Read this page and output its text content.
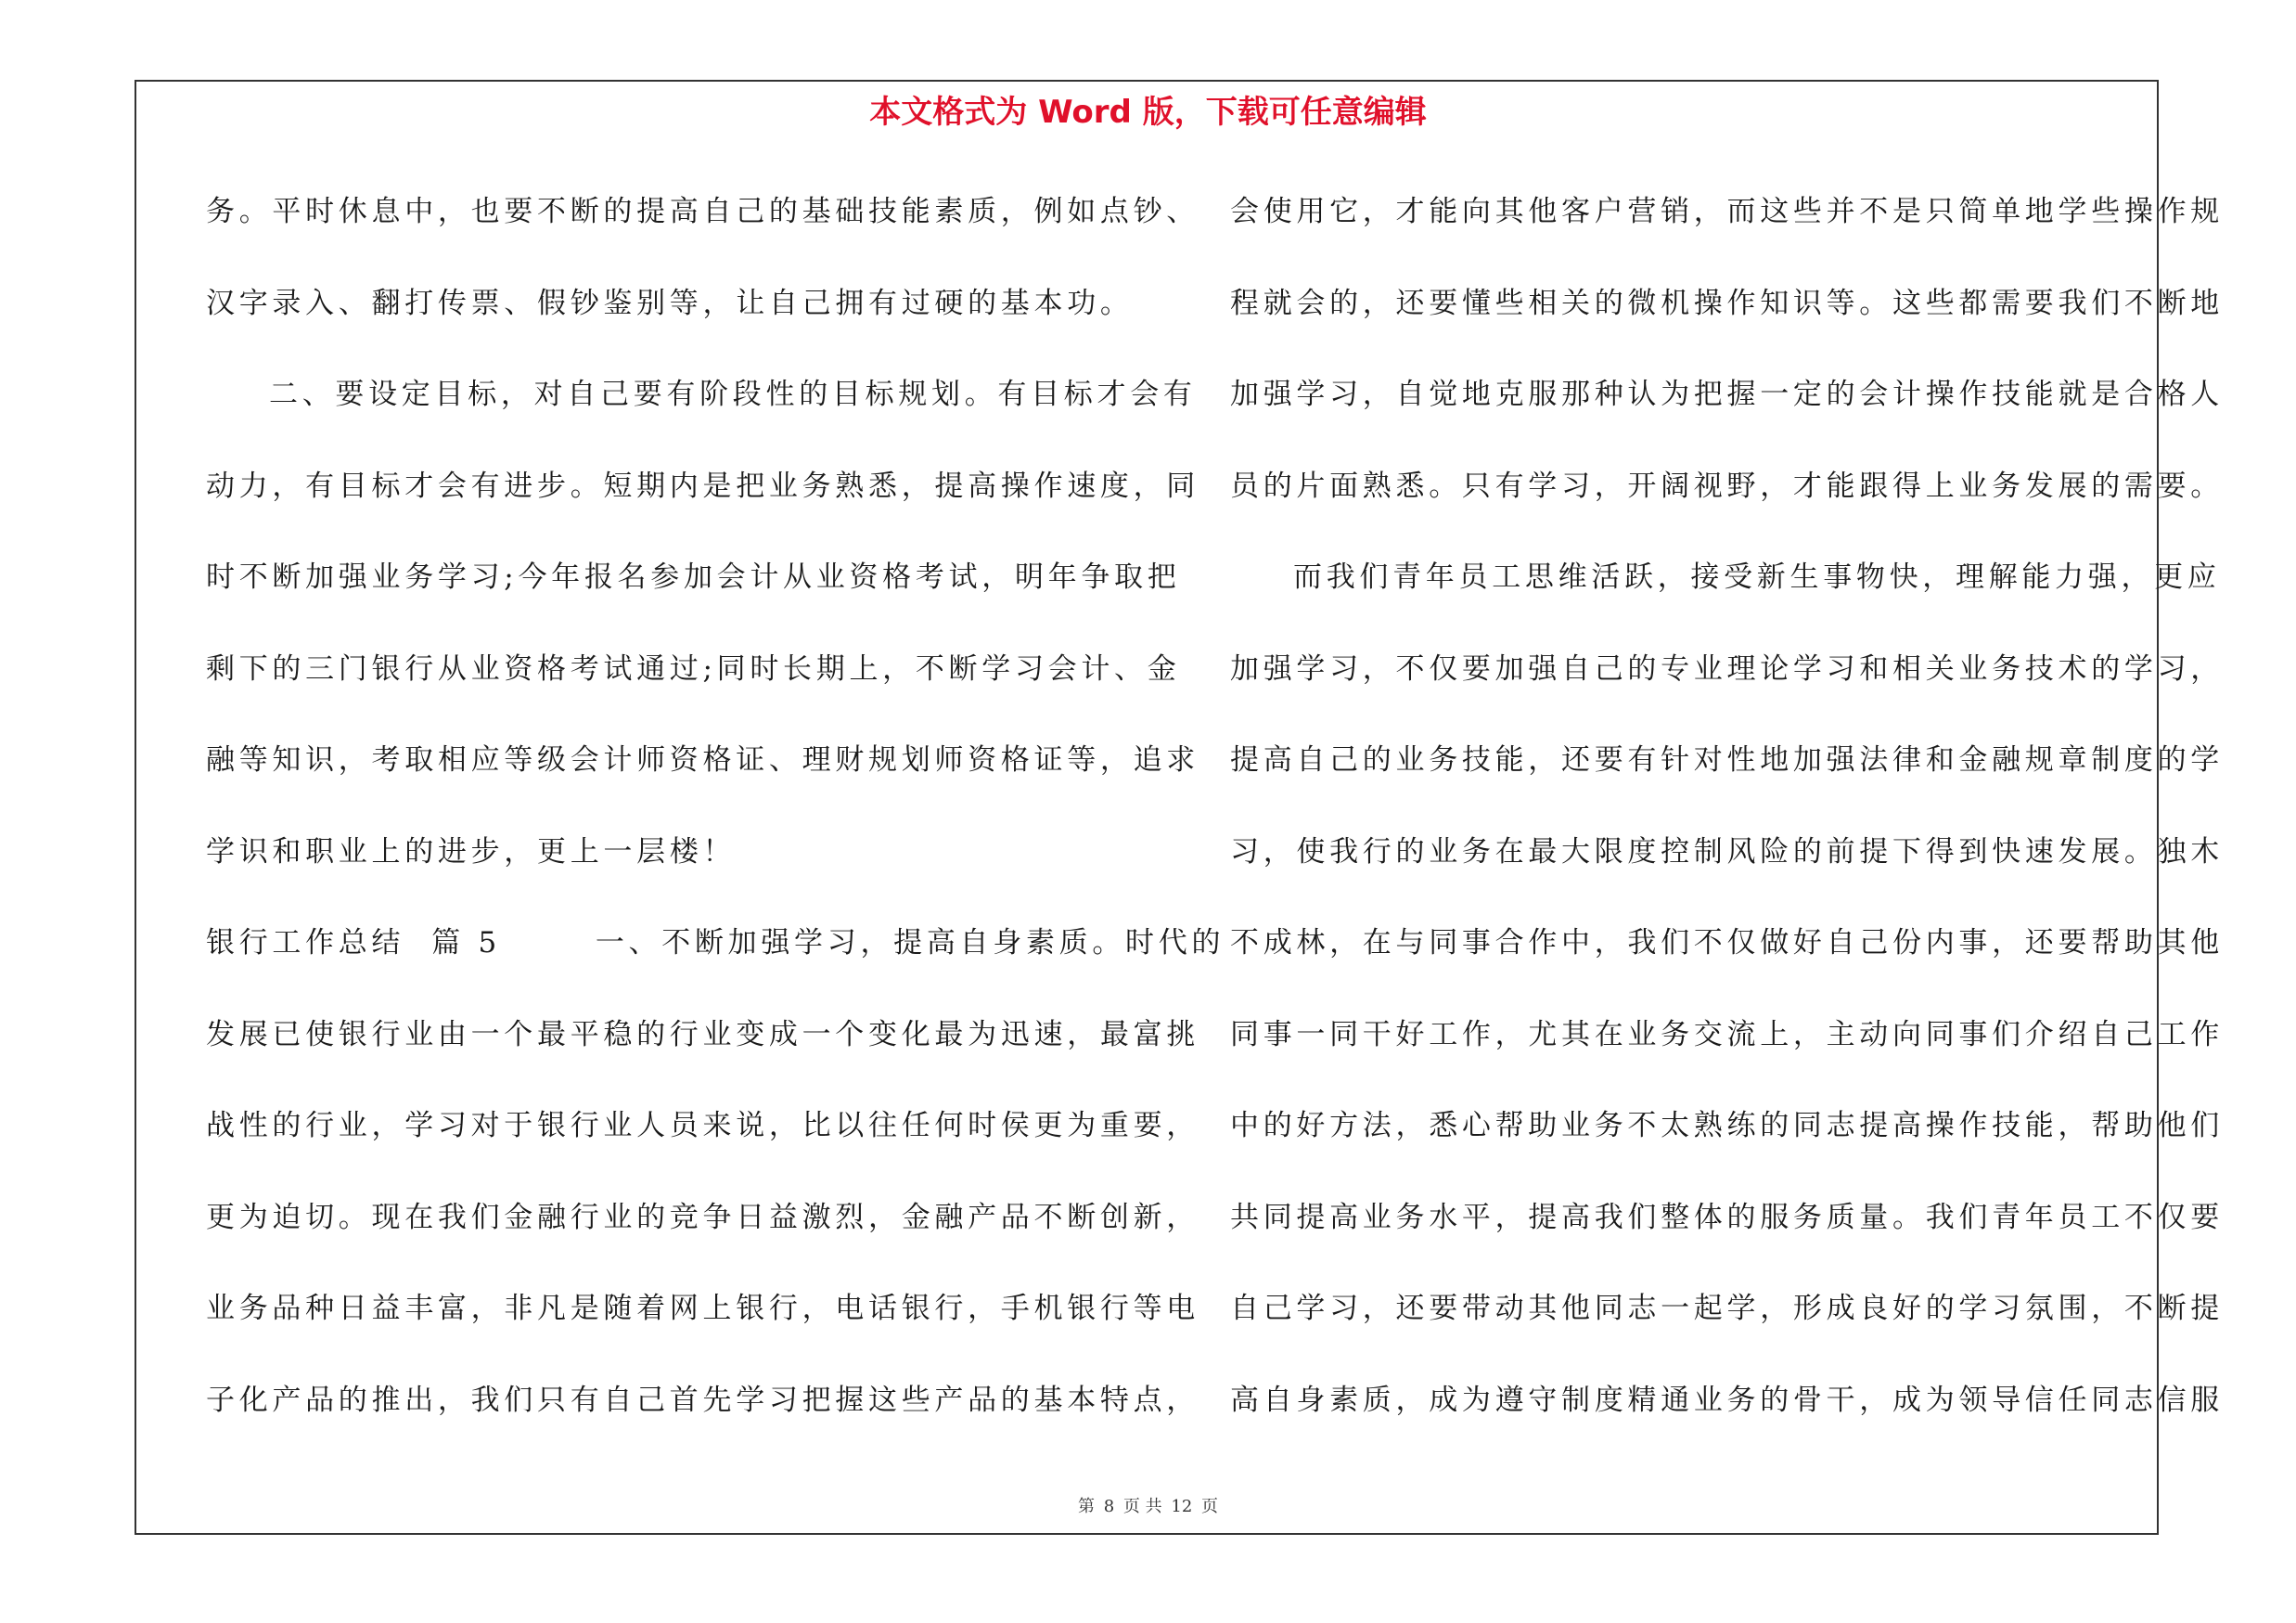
本文格式为 Word 版，下载可任意编辑
务。平时休息中，也要不断的提高自己的基础技能素质，例如点钞、
汉字录入、翻打传票、假钞鉴别等，让自己拥有过硬的基本功。
二、要设定目标，对自己要有阶段性的目标规划。有目标才会有
动力，有目标才会有进步。短期内是把业务熟悉，提高操作速度，同
时不断加强业务学习;今年报名参加会计从业资格考试，明年争取把
剩下的三门银行从业资格考试通过;同时长期上，不断学习会计、金
融等知识，考取相应等级会计师资格证、理财规划师资格证等，追求
学识和职业上的进步，更上一层楼！
银行工作总结  篇 5       一、不断加强学习，提高自身素质。时代的
发展已使银行业由一个最平稳的行业变成一个变化最为迅速，最富挑
战性的行业，学习对于银行业人员来说，比以往任何时侯更为重要，
更为迫切。现在我们金融行业的竞争日益激烈，金融产品不断创新，
业务品种日益丰富，非凡是随着网上银行，电话银行，手机银行等电
子化产品的推出，我们只有自己首先学习把握这些产品的基本特点，
会使用它，才能向其他客户营销，而这些并不是只简单地学些操作规
程就会的，还要懂些相关的微机操作知识等。这些都需要我们不断地
加强学习，自觉地克服那种认为把握一定的会计操作技能就是合格人
员的片面熟悉。只有学习，开阔视野，才能跟得上业务发展的需要。
而我们青年员工思维活跃，接受新生事物快，理解能力强，更应
加强学习，不仅要加强自己的专业理论学习和相关业务技术的学习，
提高自己的业务技能，还要有针对性地加强法律和金融规章制度的学
习，使我行的业务在最大限度控制风险的前提下得到快速发展。独木
不成林，在与同事合作中，我们不仅做好自己份内事，还要帮助其他
同事一同干好工作，尤其在业务交流上，主动向同事们介绍自己工作
中的好方法，悉心帮助业务不太熟练的同志提高操作技能，帮助他们
共同提高业务水平，提高我们整体的服务质量。我们青年员工不仅要
自己学习，还要带动其他同志一起学，形成良好的学习氛围，不断提
高自身素质，成为遵守制度精通业务的骨干，成为领导信任同志信服
第 8 页 共 12 页
